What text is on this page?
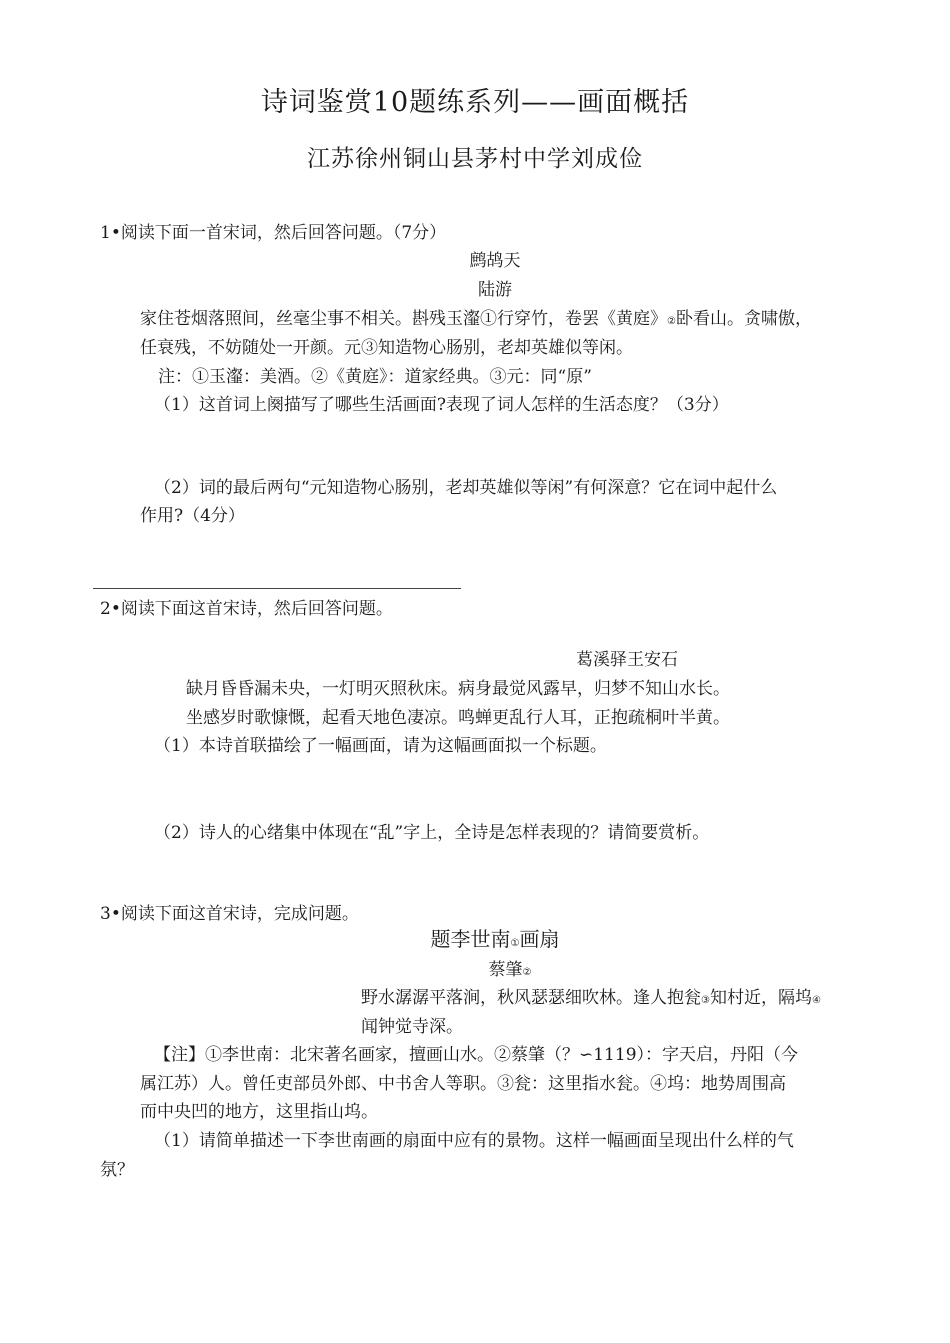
诗词鉴赏10题练系列——画面概括
江苏徐州铜山县茅村中学刘成俭
1•阅读下面一首宋词，然后回答问题。（7分）
鹧鸪天
陆游
家住苍烟落照间，丝毫尘事不相关。斟残玉瀣①行穿竹，卷罢《黄庭》②卧看山。贪啸傲，
任衰残，不妨随处一开颜。元③知造物心肠别，老却英雄似等闲。
注：①玉瀣：美酒。②《黄庭》：道家经典。③元：同“原”
（1）这首词上阕描写了哪些生活画面?表现了词人怎样的生活态度？（3分）
（2）词的最后两句“元知造物心肠别，老却英雄似等闲”有何深意？它在词中起什么
作用?（4分）
2•阅读下面这首宋诗，然后回答问题。
葛溪驿王安石
缺月昏昏漏未央，一灯明灭照秋床。病身最觉风露早，归梦不知山水长。
坐感岁时歌慷慨，起看天地色凄凉。鸣蝉更乱行人耳，正抱疏桐叶半黄。
（1）本诗首联描绘了一幅画面，请为这幅画面拟一个标题。
（2）诗人的心绪集中体现在“乱”字上，全诗是怎样表现的？请简要赏析。
3•阅读下面这首宋诗，完成问题。
题李世南①画扇
蔡肇②
野水潺潺平落涧，秋风瑟瑟细吹林。逢人抱瓮③知村近，隔坞④
闻钟觉寺深。
【注】①李世南：北宋著名画家，擅画山水。②蔡肇（？∽1119）：字天启，丹阳（今
属江苏）人。曾任吏部员外郎、中书舍人等职。③瓮：这里指水瓮。④坞：地势周围高
而中央凹的地方，这里指山坞。
（1）请简单描述一下李世南画的扇面中应有的景物。这样一幅画面呈现出什么样的气
氛？
